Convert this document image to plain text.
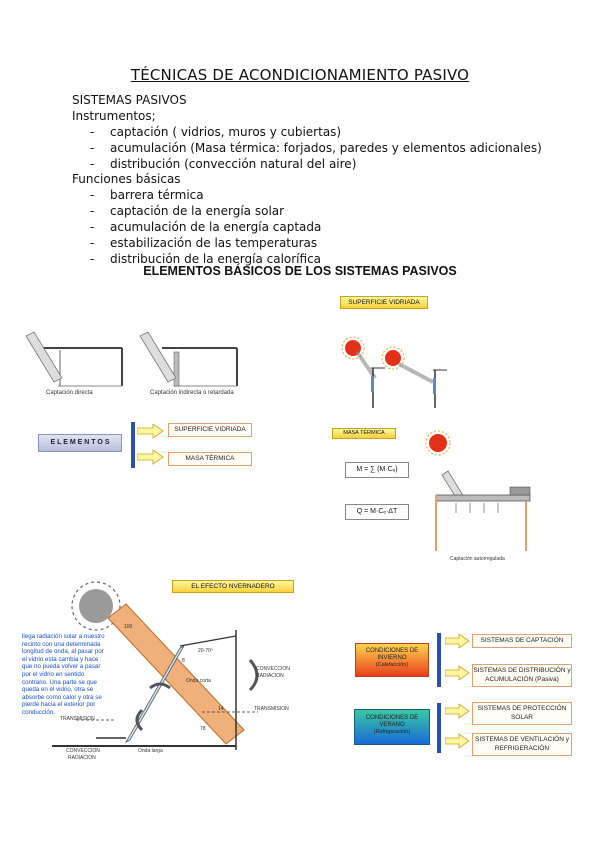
TÉCNICAS DE ACONDICIONAMIENTO PASIVO
SISTEMAS PASIVOS
Instrumentos;
- captación ( vidrios, muros y cubiertas)
- acumulación (Masa térmica: forjados, paredes y elementos adicionales)
- distribución (convección natural del aire)
Funciones básicas
- barrera térmica
- captación de la energía solar
- acumulación de la energía captada
- estabilización de las temperaturas
- distribución de la energía calorífica
ELEMENTOS BÁSICOS DE LOS SISTEMAS PASIVOS
Captación directa	Captación indirecta o retardada
SUPERFICIE VIDRIADA
E L E M E N T O S
SUPERFICIE VIDRIADA
MASA TÉRMICA
MASA TÉRMICA
M = ∑ (M·Cₑ)
Q = M·Cₑ·ΔT
Captación autorregulada
EL EFECTO NVERNADERO
100
20-70º
Onda corta
Onda larga
CONVECCION
RADIACION
TRANSMISION
TRANSMISION
CONVECCION
RADIACION
8
14
78
llega radiación solar a nuestro recinto con una determinada longitud de onda, al pasar por el vidrio esta cambia y hace que no pueda volver a pasar por el vidrio en sentido contrario. Una parte se que queda en el vidrio, otra se absorbe como calor y otra se pierde hacia el exterior por conducción.
CONDICIONES DE INVIERNO
(Calefacción)
CONDICIONES DE VERANO
(Refrigeración)
SISTEMAS DE CAPTACIÓN
SISTEMAS DE DISTRIBUCIÓN y ACUMULACIÓN (Pasiva)
SISTEMAS DE PROTECCIÓN SOLAR
SISTEMAS DE VENTILACIÓN y REFRIGERACIÓN
